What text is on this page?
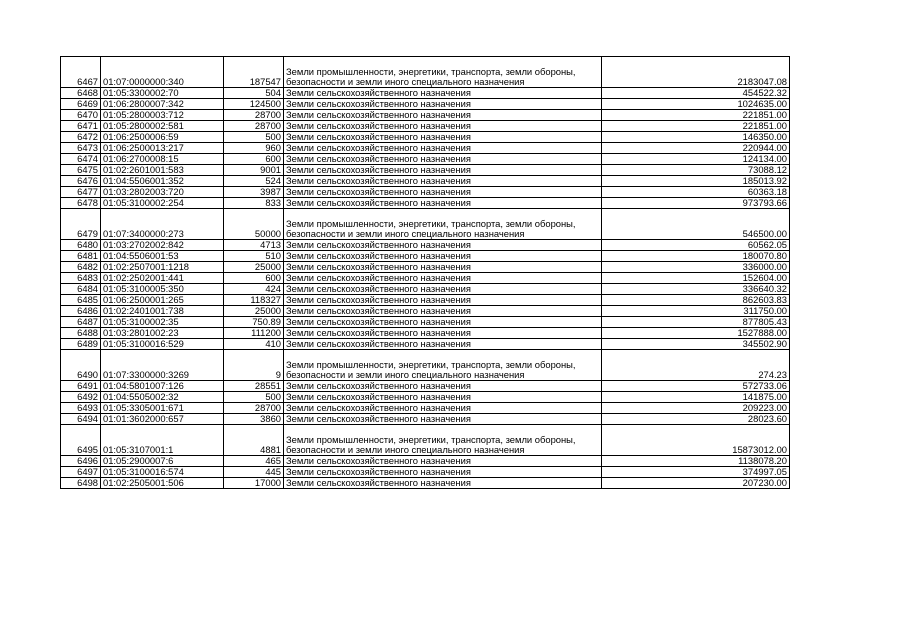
6467	01:07:0000000:340	187547	Земли промышленности, энергетики, транспорта, земли обороны, безопасности и земли иного специального назначения	2183047.08
6468	01:05:3300002:70	504	Земли сельскохозяйственного назначения	454522.32
6469	01:06:2800007:342	124500	Земли сельскохозяйственного назначения	1024635.00
6470	01:05:2800003:712	28700	Земли сельскохозяйственного назначения	221851.00
6471	01:05:2800002:581	28700	Земли сельскохозяйственного назначения	221851.00
6472	01:06:2500006:59	500	Земли сельскохозяйственного назначения	146350.00
6473	01:06:2500013:217	960	Земли сельскохозяйственного назначения	220944.00
6474	01:06:2700008:15	600	Земли сельскохозяйственного назначения	124134.00
6475	01:02:2601001:583	9001	Земли сельскохозяйственного назначения	73088.12
6476	01:04:5506001:352	524	Земли сельскохозяйственного назначения	185013.92
6477	01:03:2802003:720	3987	Земли сельскохозяйственного назначения	60363.18
6478	01:05:3100002:254	833	Земли сельскохозяйственного назначения	973793.66
6479	01:07:3400000:273	50000	Земли промышленности, энергетики, транспорта, земли обороны, безопасности и земли иного специального назначения	546500.00
6480	01:03:2702002:842	4713	Земли сельскохозяйственного назначения	60562.05
6481	01:04:5506001:53	510	Земли сельскохозяйственного назначения	180070.80
6482	01:02:2507001:1218	25000	Земли сельскохозяйственного назначения	336000.00
6483	01:02:2502001:441	600	Земли сельскохозяйственного назначения	152604.00
6484	01:05:3100005:350	424	Земли сельскохозяйственного назначения	336640.32
6485	01:06:2500001:265	118327	Земли сельскохозяйственного назначения	862603.83
6486	01:02:2401001:738	25000	Земли сельскохозяйственного назначения	311750.00
6487	01:05:3100002:35	750.89	Земли сельскохозяйственного назначения	877805.43
6488	01:03:2801002:23	111200	Земли сельскохозяйственного назначения	1527888.00
6489	01:05:3100016:529	410	Земли сельскохозяйственного назначения	345502.90
6490	01:07:3300000:3269	9	Земли промышленности, энергетики, транспорта, земли обороны, безопасности и земли иного специального назначения	274.23
6491	01:04:5801007:126	28551	Земли сельскохозяйственного назначения	572733.06
6492	01:04:5505002:32	500	Земли сельскохозяйственного назначения	141875.00
6493	01:05:3305001:671	28700	Земли сельскохозяйственного назначения	209223.00
6494	01:01:3602000:657	3860	Земли сельскохозяйственного назначения	28023.60
6495	01:05:3107001:1	4881	Земли промышленности, энергетики, транспорта, земли обороны, безопасности и земли иного специального назначения	15873012.00
6496	01:05:2900007:6	465	Земли сельскохозяйственного назначения	1138078.20
6497	01:05:3100016:574	445	Земли сельскохозяйственного назначения	374997.05
6498	01:02:2505001:506	17000	Земли сельскохозяйственного назначения	207230.00
